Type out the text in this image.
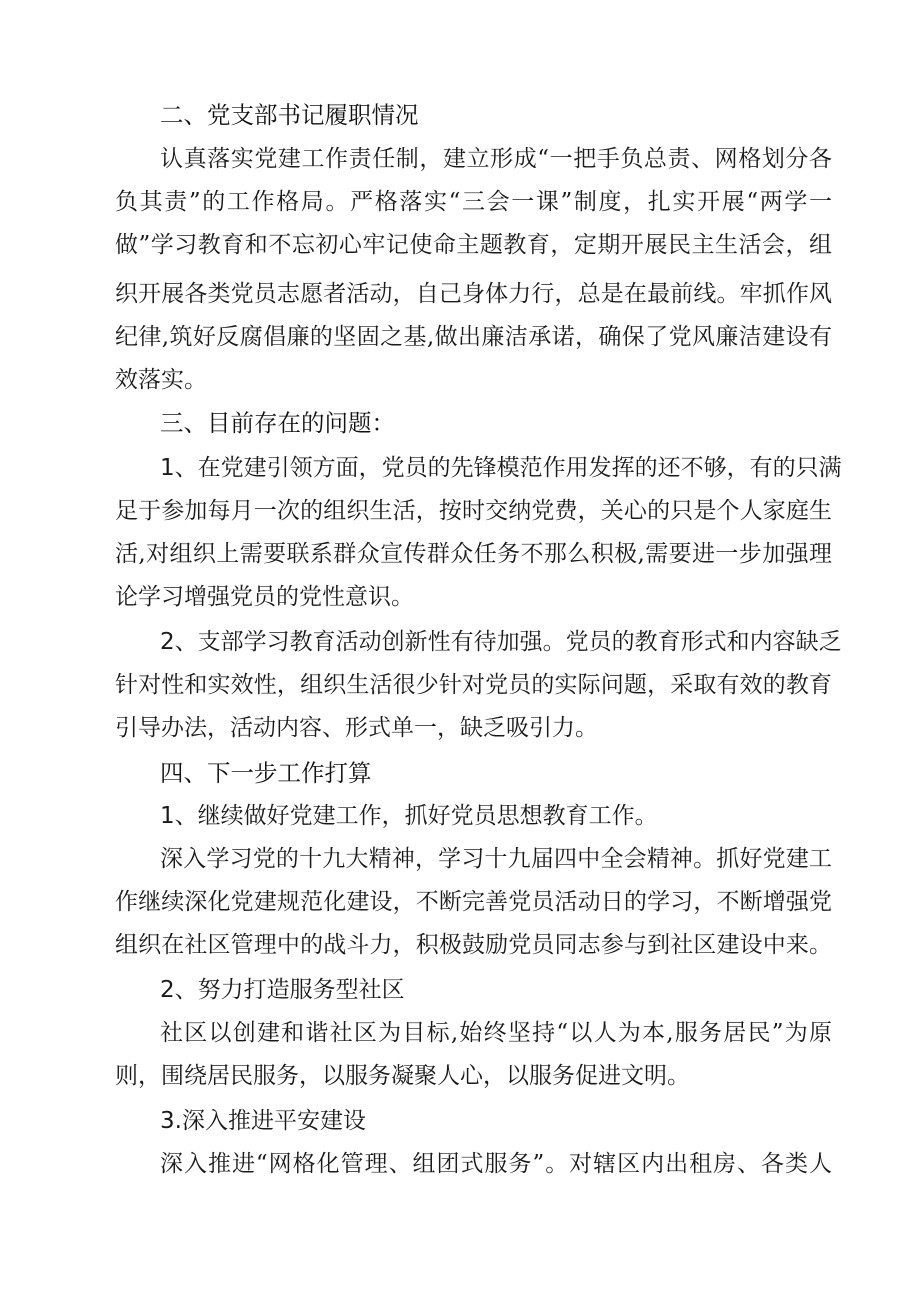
二、党支部书记履职情况
认真落实党建工作责任制，建立形成“一把手负总责、网格划分各
负其责”的工作格局。严格落实“三会一课”制度，扎实开展“两学一
做”学习教育和不忘初心牢记使命主题教育，定期开展民主生活会，组
织开展各类党员志愿者活动，自己身体力行，总是在最前线。牢抓作风
纪律,筑好反腐倡廉的坚固之基,做出廉洁承诺，确保了党风廉洁建设有
效落实。
三、目前存在的问题：
1、在党建引领方面，党员的先锋模范作用发挥的还不够，有的只满
足于参加每月一次的组织生活，按时交纳党费，关心的只是个人家庭生
活,对组织上需要联系群众宣传群众任务不那么积极,需要进一步加强理
论学习增强党员的党性意识。
2、支部学习教育活动创新性有待加强。党员的教育形式和内容缺乏
针对性和实效性，组织生活很少针对党员的实际问题，采取有效的教育
引导办法，活动内容、形式单一，缺乏吸引力。
四、下一步工作打算
1、继续做好党建工作，抓好党员思想教育工作。
深入学习党的十九大精神，学习十九届四中全会精神。抓好党建工
作继续深化党建规范化建设，不断完善党员活动日的学习，不断增强党
组织在社区管理中的战斗力，积极鼓励党员同志参与到社区建设中来。
2、努力打造服务型社区
社区以创建和谐社区为目标,始终坚持“以人为本,服务居民”为原
则，围绕居民服务，以服务凝聚人心，以服务促进文明。
3.深入推进平安建设
深入推进“网格化管理、组团式服务”。对辖区内出租房、各类人
